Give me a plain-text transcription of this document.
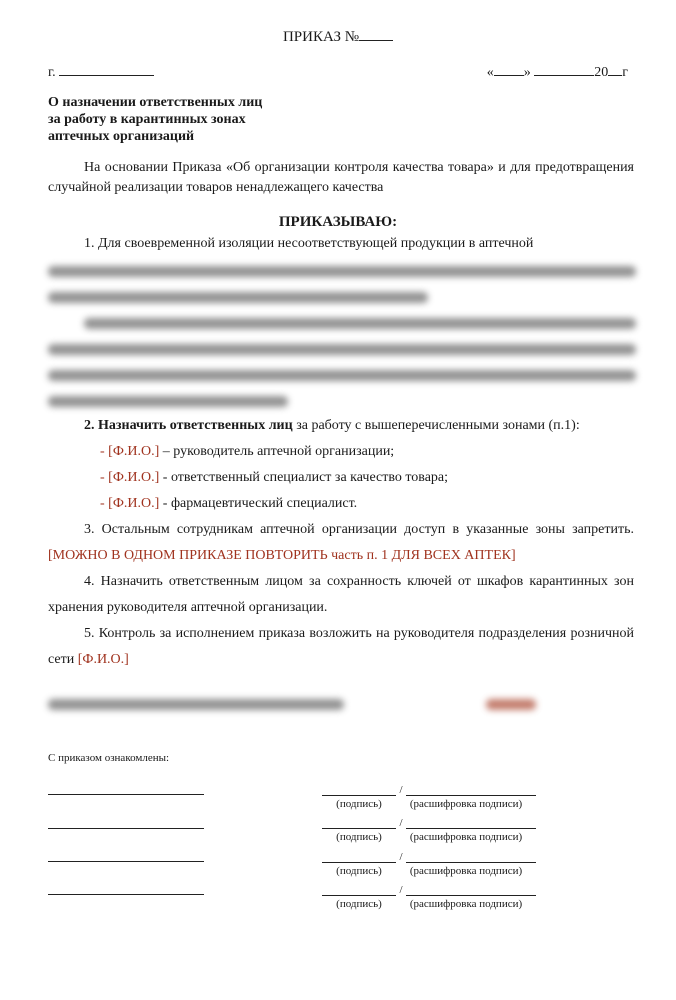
ПРИКАЗ №
г.	« »	20 г
О назначении ответственных лиц
за работу в карантинных зонах
аптечных организаций
На основании Приказа «Об организации контроля качества товара» и для предотвращения случайной реализации товаров ненадлежащего качества
ПРИКАЗЫВАЮ:
1. Для своевременной изоляции несоответствующей продукции в аптечной
2. Назначить ответственных лиц за работу с вышеперечисленными зонами (п.1):
- [Ф.И.О.] – руководитель аптечной организации;
- [Ф.И.О.] - ответственный специалист за качество товара;
- [Ф.И.О.] - фармацевтический специалист.
3. Остальным сотрудникам аптечной организации доступ в указанные зоны запретить. [МОЖНО В ОДНОМ ПРИКАЗЕ ПОВТОРИТЬ часть п. 1 ДЛЯ ВСЕХ АПТЕК]
4. Назначить ответственным лицом за сохранность ключей от шкафов карантинных зон хранения руководителя аптечной организации.
5. Контроль за исполнением приказа возложить на руководителя подразделения розничной сети [Ф.И.О.]
С приказом ознакомлены:
/
(подпись)	(расшифровка подписи)
/
(подпись)	(расшифровка подписи)
/
(подпись)	(расшифровка подписи)
/
(подпись)	(расшифровка подписи)
